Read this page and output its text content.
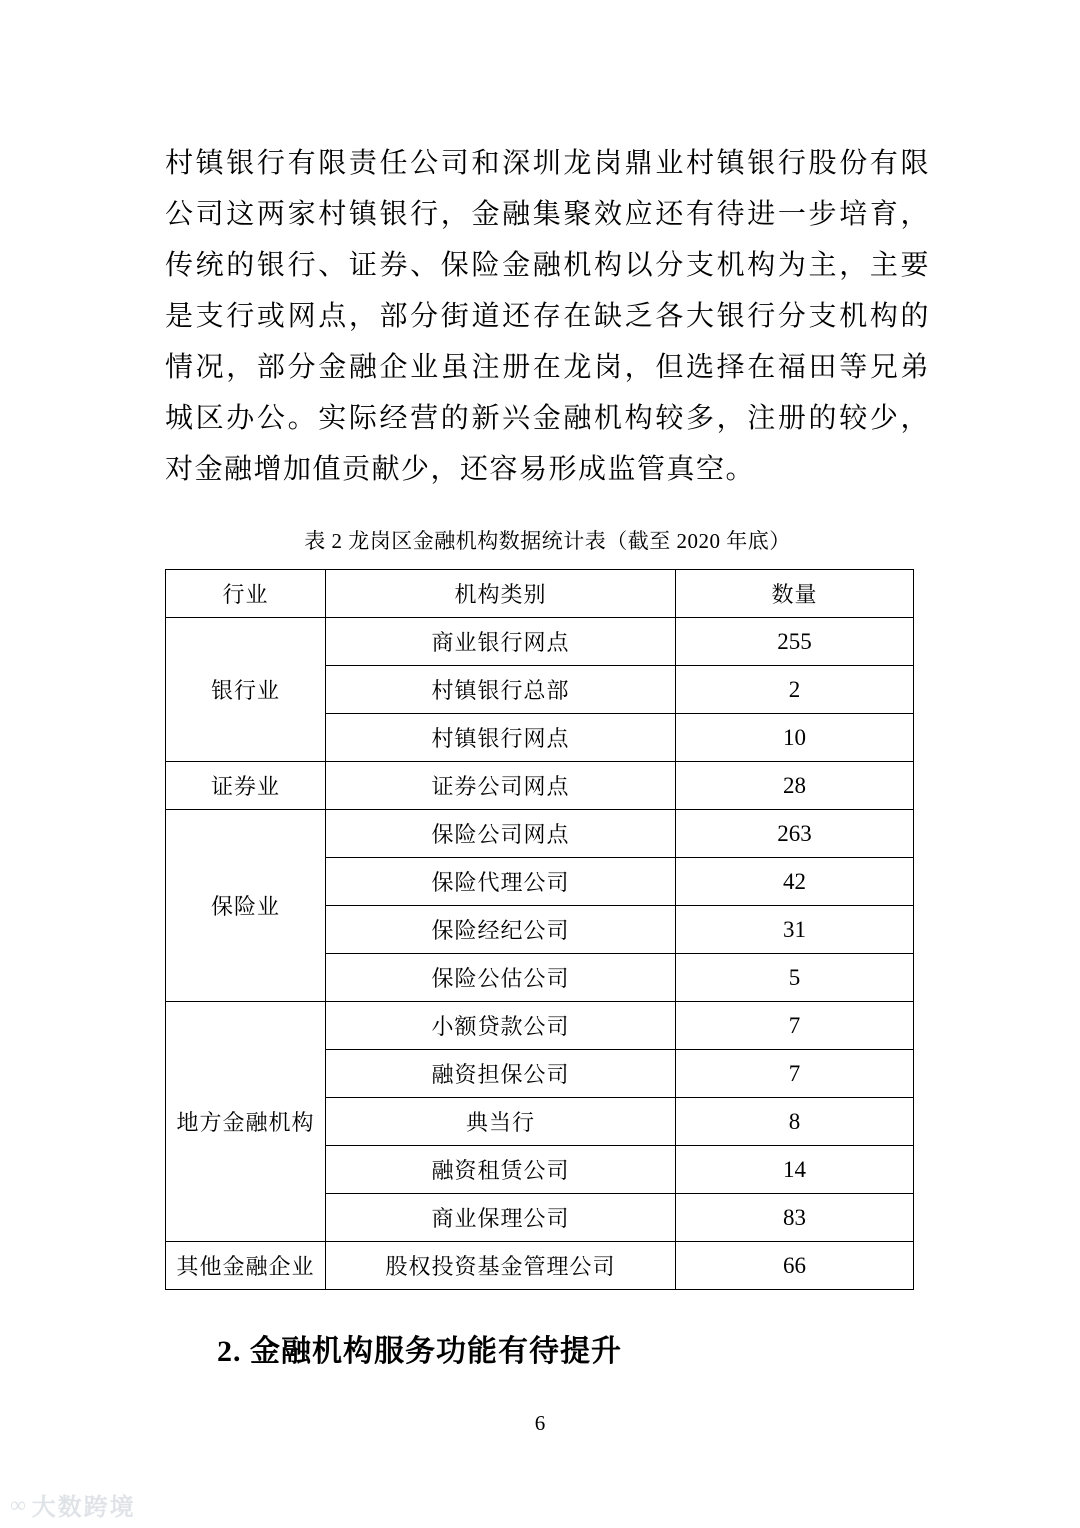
村镇银行有限责任公司和深圳龙岗鼎业村镇银行股份有限公司这两家村镇银行，金融集聚效应还有待进一步培育，传统的银行、证券、保险金融机构以分支机构为主，主要是支行或网点，部分街道还存在缺乏各大银行分支机构的情况，部分金融企业虽注册在龙岗，但选择在福田等兄弟城区办公。实际经营的新兴金融机构较多，注册的较少，对金融增加值贡献少，还容易形成监管真空。

表 2 龙岗区金融机构数据统计表（截至 2020 年底）
行业	机构类别	数量
银行业	商业银行网点	255
	村镇银行总部	2
	村镇银行网点	10
证券业	证券公司网点	28
保险业	保险公司网点	263
	保险代理公司	42
	保险经纪公司	31
	保险公估公司	5
地方金融机构	小额贷款公司	7
	融资担保公司	7
	典当行	8
	融资租赁公司	14
	商业保理公司	83
其他金融企业	股权投资基金管理公司	66
2. 金融机构服务功能有待提升
6
∞ 大数跨境
